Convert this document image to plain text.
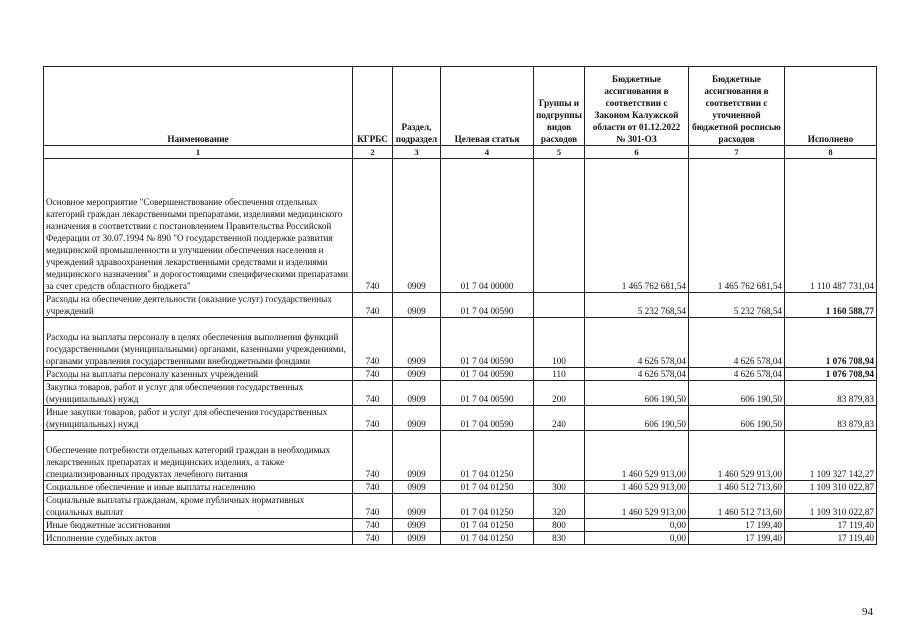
Наименование	КГРБС	Раздел, подраздел	Целевая статья	Группы и подгруппы видов расходов	Бюджетные ассигнования в соответствии с Законом Калужской области от 01.12.2022 № 301-ОЗ	Бюджетные ассигнования в соответствии с уточненной бюджетной росписью расходов	Исполнено
1	2	3	4	5	6	7	8
Основное мероприятие "Совершенствование обеспечения отдельных категорий граждан лекарственными препаратами, изделиями медицинского назначения в соответствии с постановлением Правительства Российской Федерации от 30.07.1994 № 890 "О государственной поддержке развития медицинской промышленности и улучшении обеспечения населения и учреждений здравоохранения лекарственными средствами и изделиями медицинского назначения" и дорогостоящими специфическими препаратами за счет средств областного бюджета"	740	0909	01 7 04 00000		1 465 762 681,54	1 465 762 681,54	1 110 487 731,04
Расходы на обеспечение деятельности (оказание услуг) государственных учреждений	740	0909	01 7 04 00590		5 232 768,54	5 232 768,54	1 160 588,77
Расходы на выплаты персоналу в целях обеспечения выполнения функций государственными (муниципальными) органами, казенными учреждениями, органами управления государственными внебюджетными фондами	740	0909	01 7 04 00590	100	4 626 578,04	4 626 578,04	1 076 708,94
Расходы на выплаты персоналу казенных учреждений	740	0909	01 7 04 00590	110	4 626 578,04	4 626 578,04	1 076 708,94
Закупка товаров, работ и услуг для обеспечения государственных (муниципальных) нужд	740	0909	01 7 04 00590	200	606 190,50	606 190,50	83 879,83
Иные закупки товаров, работ и услуг для обеспечения государственных (муниципальных) нужд	740	0909	01 7 04 00590	240	606 190,50	606 190,50	83 879,83
Обеспечение потребности отдельных категорий граждан в необходимых лекарственных препаратах и медицинских изделиях, а также специализированных продуктах лечебного питания	740	0909	01 7 04 01250		1 460 529 913,00	1 460 529 913,00	1 109 327 142,27
Социальное обеспечение и иные выплаты населению	740	0909	01 7 04 01250	300	1 460 529 913,00	1 460 512 713,60	1 109 310 022,87
Социальные выплаты гражданам, кроме публичных нормативных социальных выплат	740	0909	01 7 04 01250	320	1 460 529 913,00	1 460 512 713,60	1 109 310 022,87
Иные бюджетные ассигнования	740	0909	01 7 04 01250	800	0,00	17 199,40	17 119,40
Исполнение судебных актов	740	0909	01 7 04 01250	830	0,00	17 199,40	17 119,40
94
